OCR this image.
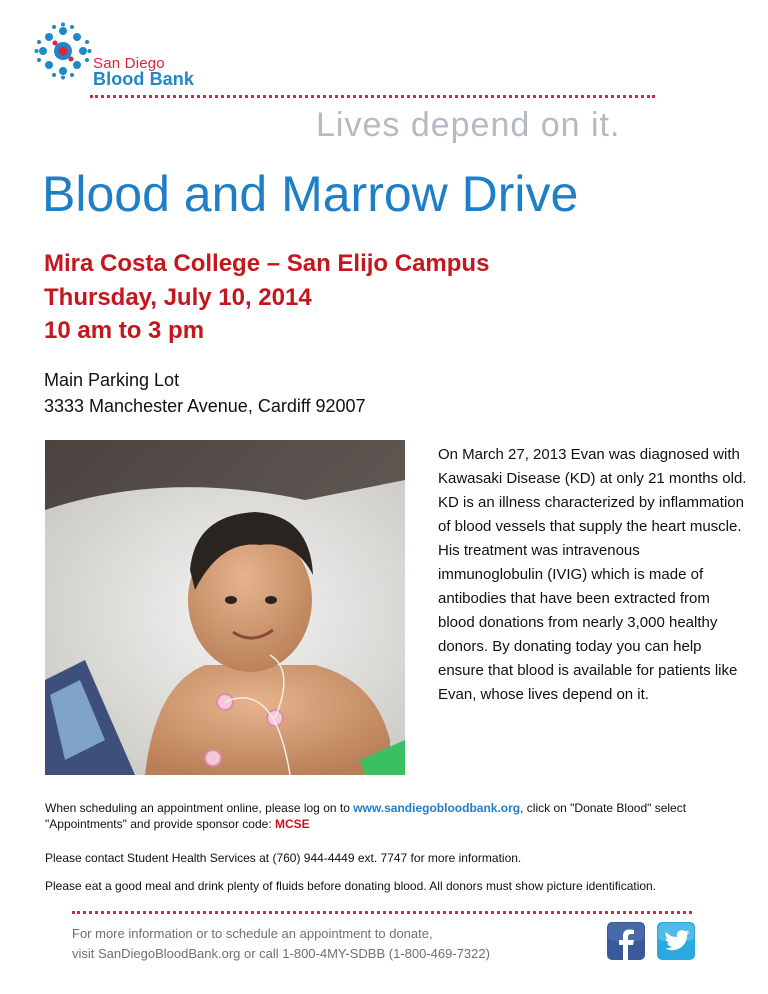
San Diego
Blood Bank
Lives depend on it.
Blood and Marrow Drive
Mira Costa College – San Elijo Campus
Thursday, July 10, 2014
10 am to 3 pm
Main Parking Lot
3333 Manchester Avenue, Cardiff 92007
On March 27, 2013 Evan was diagnosed with Kawasaki Disease (KD) at only 21 months old. KD is an illness characterized by inflammation of blood vessels that supply the heart muscle. His treatment was intravenous immunoglobulin (IVIG) which is made of antibodies that have been extracted from blood donations from nearly 3,000 healthy donors. By donating today you can help ensure that blood is available for patients like Evan, whose lives depend on it.
When scheduling an appointment online, please log on to www.sandiegobloodbank.org, click on "Donate Blood" select "Appointments" and provide sponsor code: MCSE
Please contact Student Health Services at (760) 944-4449 ext. 7747 for more information.
Please eat a good meal and drink plenty of fluids before donating blood. All donors must show picture identification.
For more information or to schedule an appointment to donate,
visit SanDiegoBloodBank.org or call 1-800-4MY-SDBB (1-800-469-7322)
